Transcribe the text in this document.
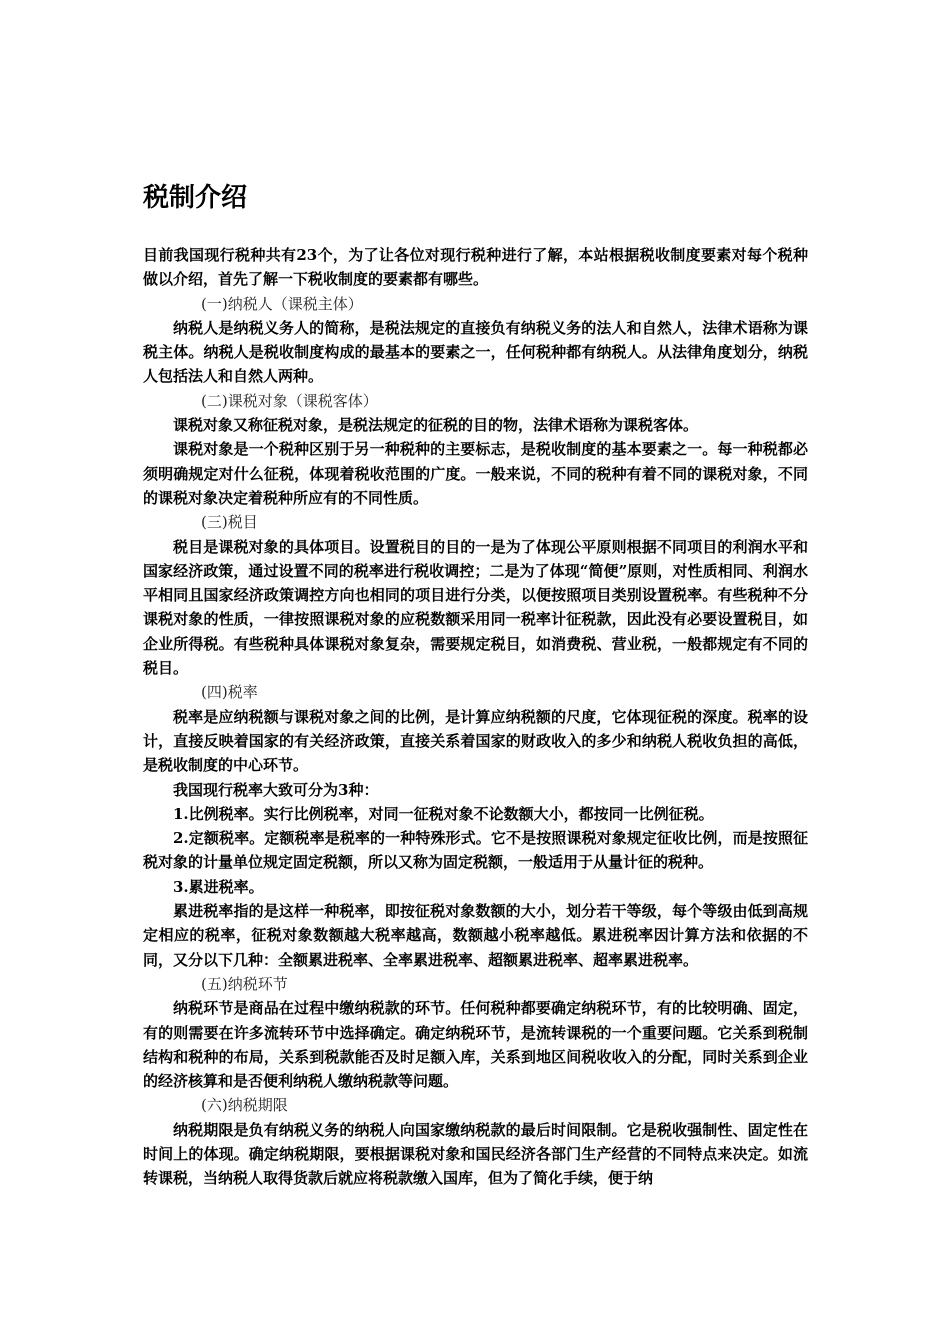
税制介绍

目前我国现行税种共有23个，为了让各位对现行税种进行了解，本站根据税收制度要素对每个税种做以介绍，首先了解一下税收制度的要素都有哪些。

(一)纳税人（课税主体）

纳税人是纳税义务人的简称，是税法规定的直接负有纳税义务的法人和自然人，法律术语称为课税主体。纳税人是税收制度构成的最基本的要素之一，任何税种都有纳税人。从法律角度划分，纳税人包括法人和自然人两种。

(二)课税对象（课税客体）

课税对象又称征税对象，是税法规定的征税的目的物，法律术语称为课税客体。

课税对象是一个税种区别于另一种税种的主要标志，是税收制度的基本要素之一。每一种税都必须明确规定对什么征税，体现着税收范围的广度。一般来说，不同的税种有着不同的课税对象，不同的课税对象决定着税种所应有的不同性质。

(三)税目

税目是课税对象的具体项目。设置税目的目的一是为了体现公平原则根据不同项目的利润水平和国家经济政策，通过设置不同的税率进行税收调控；二是为了体现“简便”原则，对性质相同、利润水平相同且国家经济政策调控方向也相同的项目进行分类，以便按照项目类别设置税率。有些税种不分课税对象的性质，一律按照课税对象的应税数额采用同一税率计征税款，因此没有必要设置税目，如企业所得税。有些税种具体课税对象复杂，需要规定税目，如消费税、营业税，一般都规定有不同的税目。

(四)税率

税率是应纳税额与课税对象之间的比例，是计算应纳税额的尺度，它体现征税的深度。税率的设计，直接反映着国家的有关经济政策，直接关系着国家的财政收入的多少和纳税人税收负担的高低，是税收制度的中心环节。

我国现行税率大致可分为3种：

1.比例税率。实行比例税率，对同一征税对象不论数额大小，都按同一比例征税。

2.定额税率。定额税率是税率的一种特殊形式。它不是按照课税对象规定征收比例，而是按照征税对象的计量单位规定固定税额，所以又称为固定税额，一般适用于从量计征的税种。

3.累进税率。

累进税率指的是这样一种税率，即按征税对象数额的大小，划分若干等级，每个等级由低到高规定相应的税率，征税对象数额越大税率越高，数额越小税率越低。累进税率因计算方法和依据的不同，又分以下几种：全额累进税率、全率累进税率、超额累进税率、超率累进税率。

(五)纳税环节

纳税环节是商品在过程中缴纳税款的环节。任何税种都要确定纳税环节，有的比较明确、固定，有的则需要在许多流转环节中选择确定。确定纳税环节，是流转课税的一个重要问题。它关系到税制结构和税种的布局，关系到税款能否及时足额入库，关系到地区间税收收入的分配，同时关系到企业的经济核算和是否便利纳税人缴纳税款等问题。

(六)纳税期限

纳税期限是负有纳税义务的纳税人向国家缴纳税款的最后时间限制。它是税收强制性、固定性在时间上的体现。确定纳税期限，要根据课税对象和国民经济各部门生产经营的不同特点来决定。如流转课税，当纳税人取得货款后就应将税款缴入国库，但为了简化手续，便于纳
